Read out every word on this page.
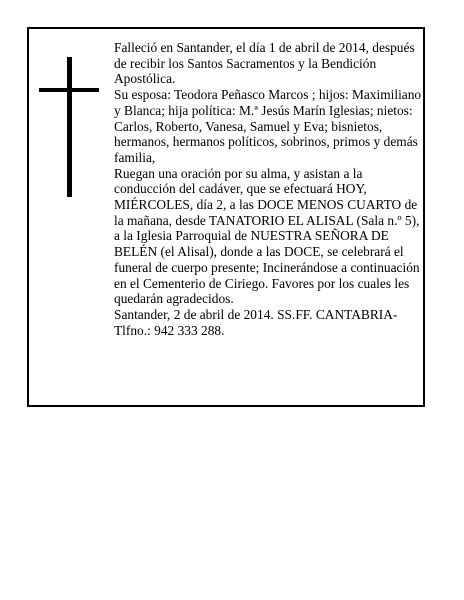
Falleció en Santander, el día 1 de abril de 2014, después de recibir los Santos Sacramentos y la Bendición Apostólica.

Su esposa: Teodora Peñasco Marcos ; hijos: Maximiliano y Blanca; hija política: M.ª Jesús Marín Iglesias; nietos: Carlos, Roberto, Vanesa, Samuel y Eva; bisnietos, hermanos, hermanos políticos, sobrinos, primos y demás familia,

Ruegan una oración por su alma, y asistan a la conducción del cadáver, que se efectuará HOY, MIÉRCOLES, día 2, a las DOCE MENOS CUARTO de la mañana, desde TANATORIO EL ALISAL (Sala n.º 5), a la Iglesia Parroquial de NUESTRA SEÑORA DE BELÉN (el Alisal), donde a las DOCE, se celebrará el funeral de cuerpo presente; Incinerándose a continuación en el Cementerio de Ciriego. Favores por los cuales les quedarán agradecidos.

Santander, 2 de abril de 2014. SS.FF. CANTABRIA-Tlfno.: 942 333 288.
